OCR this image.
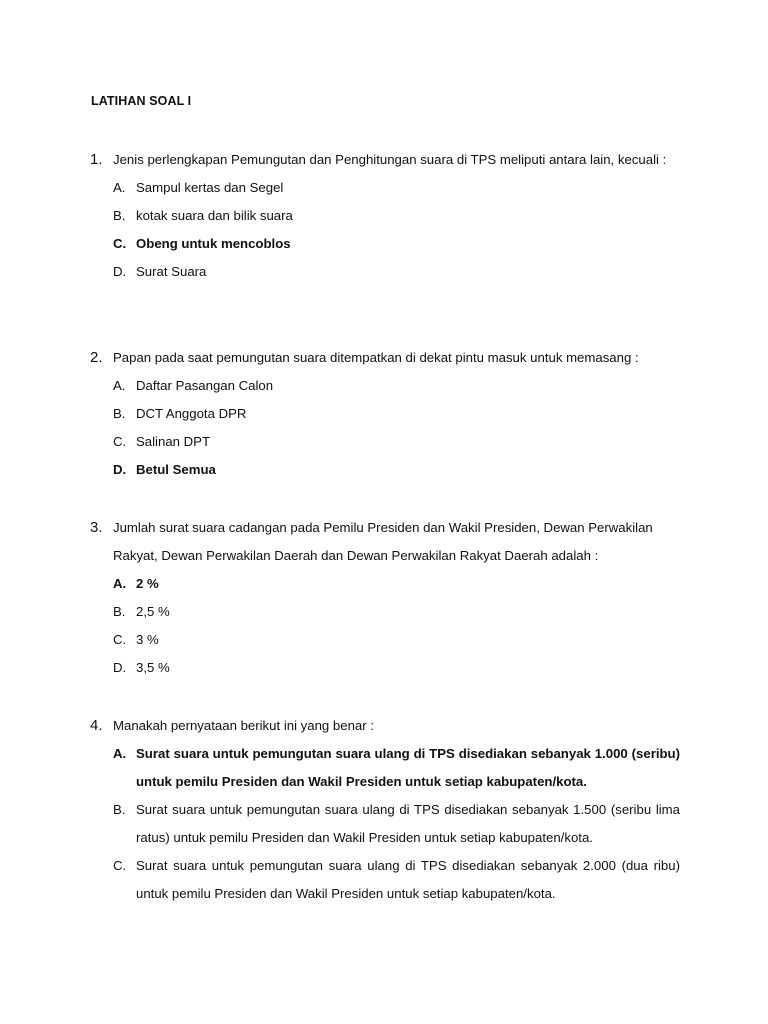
LATIHAN SOAL I
1. Jenis perlengkapan Pemungutan dan Penghitungan suara di TPS meliputi antara lain, kecuali :
A. Sampul kertas dan Segel
B. kotak suara dan bilik suara
C. Obeng untuk mencoblos
D. Surat Suara
2. Papan pada saat pemungutan suara ditempatkan di dekat pintu masuk untuk memasang :
A. Daftar Pasangan Calon
B. DCT Anggota DPR
C. Salinan DPT
D. Betul Semua
3. Jumlah surat suara cadangan pada Pemilu Presiden dan Wakil Presiden, Dewan Perwakilan Rakyat, Dewan Perwakilan Daerah dan Dewan Perwakilan Rakyat Daerah adalah :
A. 2 %
B. 2,5 %
C. 3 %
D. 3,5 %
4. Manakah pernyataan berikut ini yang benar :
A. Surat suara untuk pemungutan suara ulang di TPS disediakan sebanyak 1.000 (seribu) untuk pemilu Presiden dan Wakil Presiden untuk setiap kabupaten/kota.
B. Surat suara untuk pemungutan suara ulang di TPS disediakan sebanyak 1.500 (seribu lima ratus) untuk pemilu Presiden dan Wakil Presiden untuk setiap kabupaten/kota.
C. Surat suara untuk pemungutan suara ulang di TPS disediakan sebanyak 2.000 (dua ribu) untuk pemilu Presiden dan Wakil Presiden untuk setiap kabupaten/kota.
